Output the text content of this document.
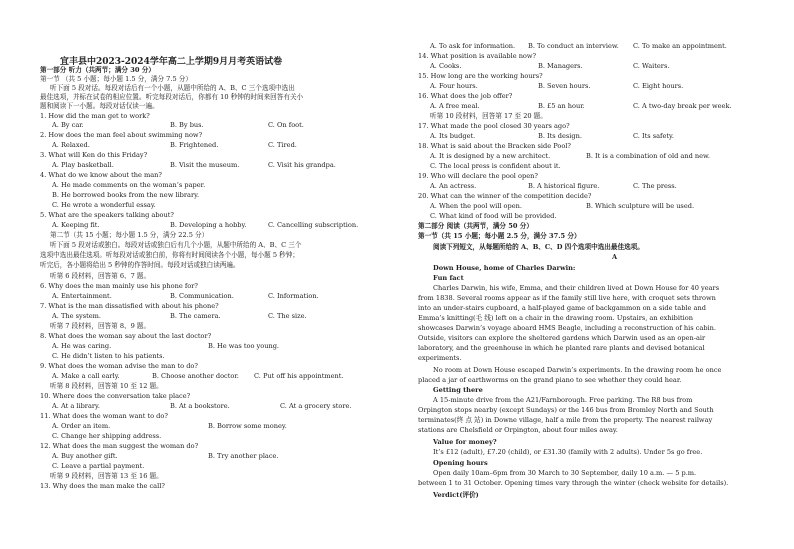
宜丰县中2023-2024学年高二上学期9月月考英语试卷
第一部分 听力（共两节；满分 30 分）
第一节 （共 5 小题；每小题 1.5 分，满分 7.5 分）
听下面 5 段对话。每段对话后有一个小题，从题中所给的 A、B、C 三个选项中选出
最佳选项，并标在试卷的相应位置。听完每段对话后，你都有 10 秒钟的时间来回答有关小
题和阅读下一小题。每段对话仅读一遍。
1. How did the man get to work?
A. By car.	B. By bus.	C. On foot.
2. How does the man feel about swimming now?
A. Relaxed.	B. Frightened.	C. Tired.
3. What will Ken do this Friday?
A. Play basketball.	B. Visit the museum.	C. Visit his grandpa.
4. What do we know about the man?
A. He made comments on the woman’s paper.
B. He borrowed books from the new library.
C. He wrote a wonderful essay.
5. What are the speakers talking about?
A. Keeping fit.	B. Developing a hobby.	C. Cancelling subscription.
第二节（共 15 小题；每小题 1.5 分，满分 22.5 分）
听下面 5 段对话或独白。每段对话或独白后有几个小题，从题中所给的 A、B、C 三个
选项中选出最佳选项。听每段对话或独白前，你将有时间阅读各个小题，每小题 5 秒钟；
听完后，各小题将给出 5 秒钟的作答时间。每段对话或独白读两遍。
听第 6 段材料，回答第 6、7 题。
6. Why does the man mainly use his phone for?
A. Entertainment.	B. Communication.	C. Information.
7. What is the man dissatisfied with about his phone?
A. The system.	B. The camera.	C. The size.
听第 7 段材料，回答第 8、9 题。
8. What does the woman say about the last doctor?
A. He was caring.	B. He was too young.
C. He didn’t listen to his patients.
9. What does the woman advise the man to do?
A. Make a call early.	B. Choose another doctor. C. Put off his appointment.
听第 8 段材料，回答第 10 至 12 题。
10. Where does the conversation take place?
A. At a library.	B. At a bookstore.	C. At a grocery store.
11. What does the woman want to do?
A. Order an item.	B. Borrow some money.
C. Change her shipping address.
12. What does the man suggest the woman do?
A. Buy another gift.	B. Try another place.
C. Leave a partial payment.
听第 9 段材料，回答第 13 至 16 题。
13. Why does the man make the call?
A. To ask for information. B. To conduct an interview. C. To make an appointment.
14. What position is available now?
A. Cooks.	B. Managers.	C. Waiters.
15. How long are the working hours?
A. Four hours.	B. Seven hours.	C. Eight hours.
16. What does the job offer?
A. A free meal.	B. £5 an hour.	C. A two-day break per week.
听第 10 段材料，回答第 17 至 20 题。
17. What made the pool closed 30 years ago?
A. Its budget.	B. Its design.	C. Its safety.
18. What is said about the Bracken side Pool?
A. It is designed by a new architect.	B. It is a combination of old and new.
C. The local press is confident about it.
19. Who will declare the pool open?
A. An actress.	B. A historical figure.	C. The press.
20. What can the winner of the competition decide?
A. When the pool will open.	B. Which sculpture will be used.
C. What kind of food will be provided.
第二部分 阅读（共两节，满分 50 分）
第一节（共 15 小题；每小题 2.5 分，满分 37.5 分）
阅读下列短文，从每题所给的 A、B、C、D 四个选项中选出最佳选项。
A
Down House, home of Charles Darwin:
Fun fact
Charles Darwin, his wife, Emma, and their children lived at Down House for 40 years
from 1838. Several rooms appear as if the family still live here, with croquet sets thrown
into an under-stairs cupboard, a half-played game of backgammon on a side table and
Emma’s knitting(毛 线) left on a chair in the drawing room. Upstairs, an exhibition
showcases Darwin’s voyage aboard HMS Beagle, including a reconstruction of his cabin.
Outside, visitors can explore the sheltered gardens which Darwin used as an open-air
laboratory, and the greenhouse in which he planted rare plants and devised botanical
experiments.
No room at Down House escaped Darwin’s experiments. In the drawing room he once
placed a jar of earthworms on the grand piano to see whether they could hear.
Getting there
A 15-minute drive from the A21/Farnborough. Free parking. The R8 bus from
Orpington stops nearby (except Sundays) or the 146 bus from Bromley North and South
terminates(终 点 站) in Downe village, half a mile from the property. The nearest railway
stations are Chelsfield or Orpington, about four miles away.
Value for money?
It’s £12 (adult), £7.20 (child), or £31.30 (family with 2 adults). Under 5s go free.
Opening hours
Open daily 10am–6pm from 30 March to 30 September, daily 10 a.m. — 5 p.m.
between 1 to 31 October. Opening times vary through the winter (check website for details).
Verdict(评价)
